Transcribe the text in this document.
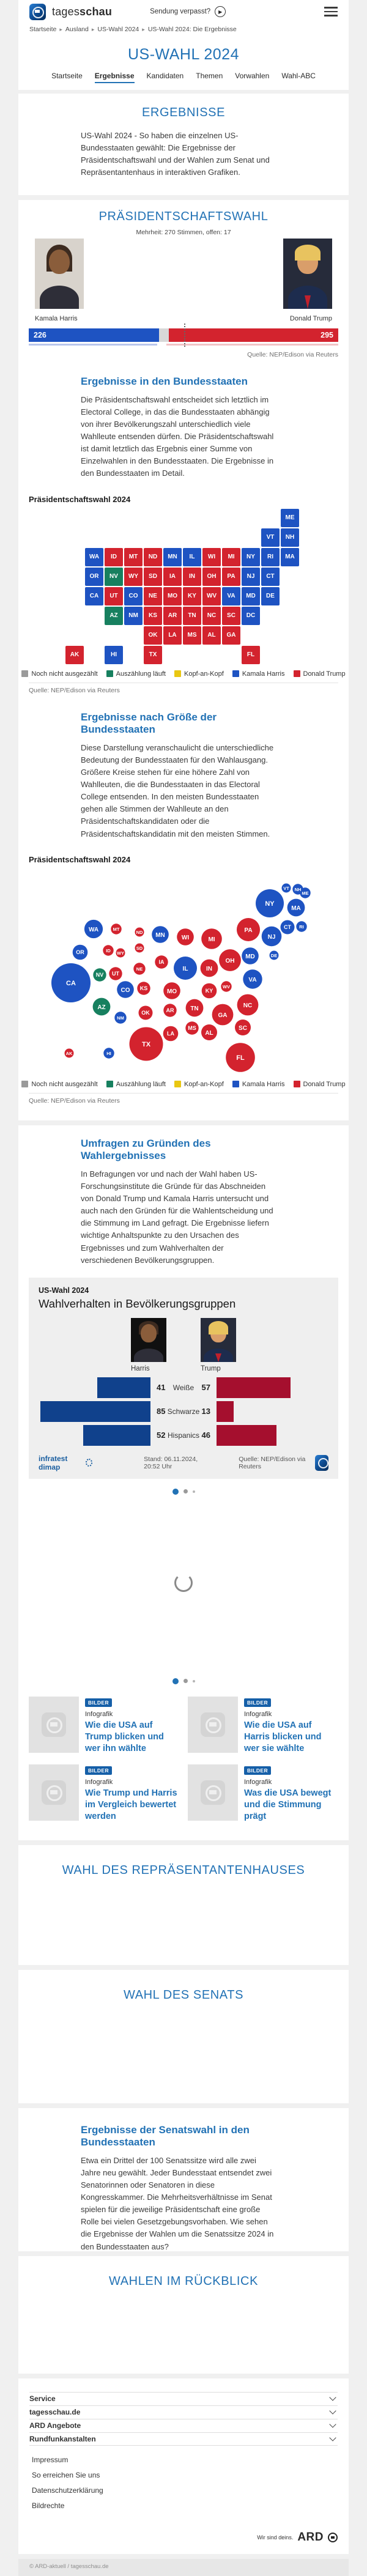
tagesschau	Sendung verpasst?	▶
Startseite ▸ Ausland ▸ US-Wahl 2024 ▸ US-Wahl 2024: Die Ergebnisse
US-WAHL 2024
Startseite Ergebnisse Kandidaten Themen Vorwahlen Wahl-ABC
ERGEBNISSE

US-Wahl 2024 - So haben die einzelnen US-Bundesstaaten gewählt: Die Ergebnisse der Präsidentschaftswahl und der Wahlen zum Senat und Repräsentantenhaus in interaktiven Grafiken.

PRÄSIDENTSCHAFTSWAHL
Mehrheit: 270 Stimmen, offen: 17
Kamala Harris	Donald Trump
226	295
Quelle: NEP/Edison via Reuters
Ergebnisse in den Bundesstaaten

Die Präsidentschaftswahl entscheidet sich letztlich im Electoral College, in das die Bundesstaaten abhängig von ihrer Bevölkerungszahl unterschiedlich viele Wahlleute entsenden dürfen. Die Präsidentschaftswahl ist damit letztlich das Ergebnis einer Summe von Einzelwahlen in den Bundesstaaten. Die Ergebnisse in den Bundesstaaten im Detail.

Präsidentschaftswahl 2024
ME
VT	NH
WA	ID	MT	ND	MN	IL	WI	MI	NY	RI	MA
OR	NV	WY	SD	IA	IN	OH	PA	NJ	CT
CA	UT	CO	NE	MO	KY	WV	VA	MD	DE
AZ	NM	KS	AR	TN	NC	SC	DC
OK	LA	MS	AL	GA
AK	HI	TX	FL
Noch nicht ausgezählt	Auszählung läuft	Kopf-an-Kopf	Kamala Harris	Donald Trump
Quelle: NEP/Edison via Reuters
Ergebnisse nach Größe der Bundesstaaten

Diese Darstellung veranschaulicht die unterschiedliche Bedeutung der Bundesstaaten für den Wahlausgang. Größere Kreise stehen für eine höhere Zahl von Wahlleuten, die die Bundesstaaten in das Electoral College entsenden. In den meisten Bundesstaaten gehen alle Stimmen der Wahlleute an den Präsidentschaftskandidaten oder die Präsidentschaftskandidatin mit den meisten Stimmen.

Präsidentschaftswahl 2024
ME
VT NH
WA
ID
MT
ND MN
IL
WI	MI
NY
RI
MA
OR
NV
WY
SD
IA
IN
OH
PA
NJ
CT
CA
UT
CO
NE
MO	KY
WV
VA
MD	DE
AZ
NM
KS
AR	TN	NC
SC
OK
LA
MS
AL
GA
AK	HI
TX
FL
Noch nicht ausgezählt	Auszählung läuft	Kopf-an-Kopf	Kamala Harris	Donald Trump
Quelle: NEP/Edison via Reuters
Umfragen zu Gründen des Wahlergebnisses

In Befragungen vor und nach der Wahl haben US-Forschungsinstitute die Gründe für das Abschneiden von Donald Trump und Kamala Harris untersucht und auch nach den Gründen für die Wahlentscheidung und die Stimmung im Land gefragt. Die Ergebnisse liefern wichtige Anhaltspunkte zu den Ursachen des Ergebnisses und zum Wahlverhalten der verschiedenen Bevölkerungsgruppen.

US-Wahl 2024
Wahlverhalten in Bevölkerungsgruppen
Harris	Trump
41 Weiße 57
85 Schwarze 13
52 Hispanics 46
infratest dimap
Stand: 06.11.2024, 20:52 Uhr
Quelle: NEP/Edison via Reuters
BILDER
Infografik
Wie die USA auf Trump blicken und wer ihn wählte
BILDER
Infografik
Wie die USA auf Harris blicken und wer sie wählte
BILDER
Infografik
Wie Trump und Harris im Vergleich bewertet werden
BILDER
Infografik
Was die USA bewegt und die Stimmung prägt
WAHL DES REPRÄSENTANTENHAUSES
WAHL DES SENATS
Ergebnisse der Senatswahl in den Bundesstaaten

Etwa ein Drittel der 100 Senatssitze wird alle zwei Jahre neu gewählt. Jeder Bundesstaat entsendet zwei Senatorinnen oder Senatoren in diese Kongresskammer. Die Mehrheitsverhältnisse im Senat spielen für die jeweilige Präsidentschaft eine große Rolle bei vielen Gesetzgebungsvorhaben. Wie sehen die Ergebnisse der Wahlen um die Senatssitze 2024 in den Bundesstaaten aus?

WAHLEN IM RÜCKBLICK
Service
tagesschau.de
ARD Angebote
Rundfunkanstalten
Impressum
So erreichen Sie uns
Datenschutzerklärung
Bildrechte
Wir sind deins. ARD
© ARD-aktuell / tagesschau.de
